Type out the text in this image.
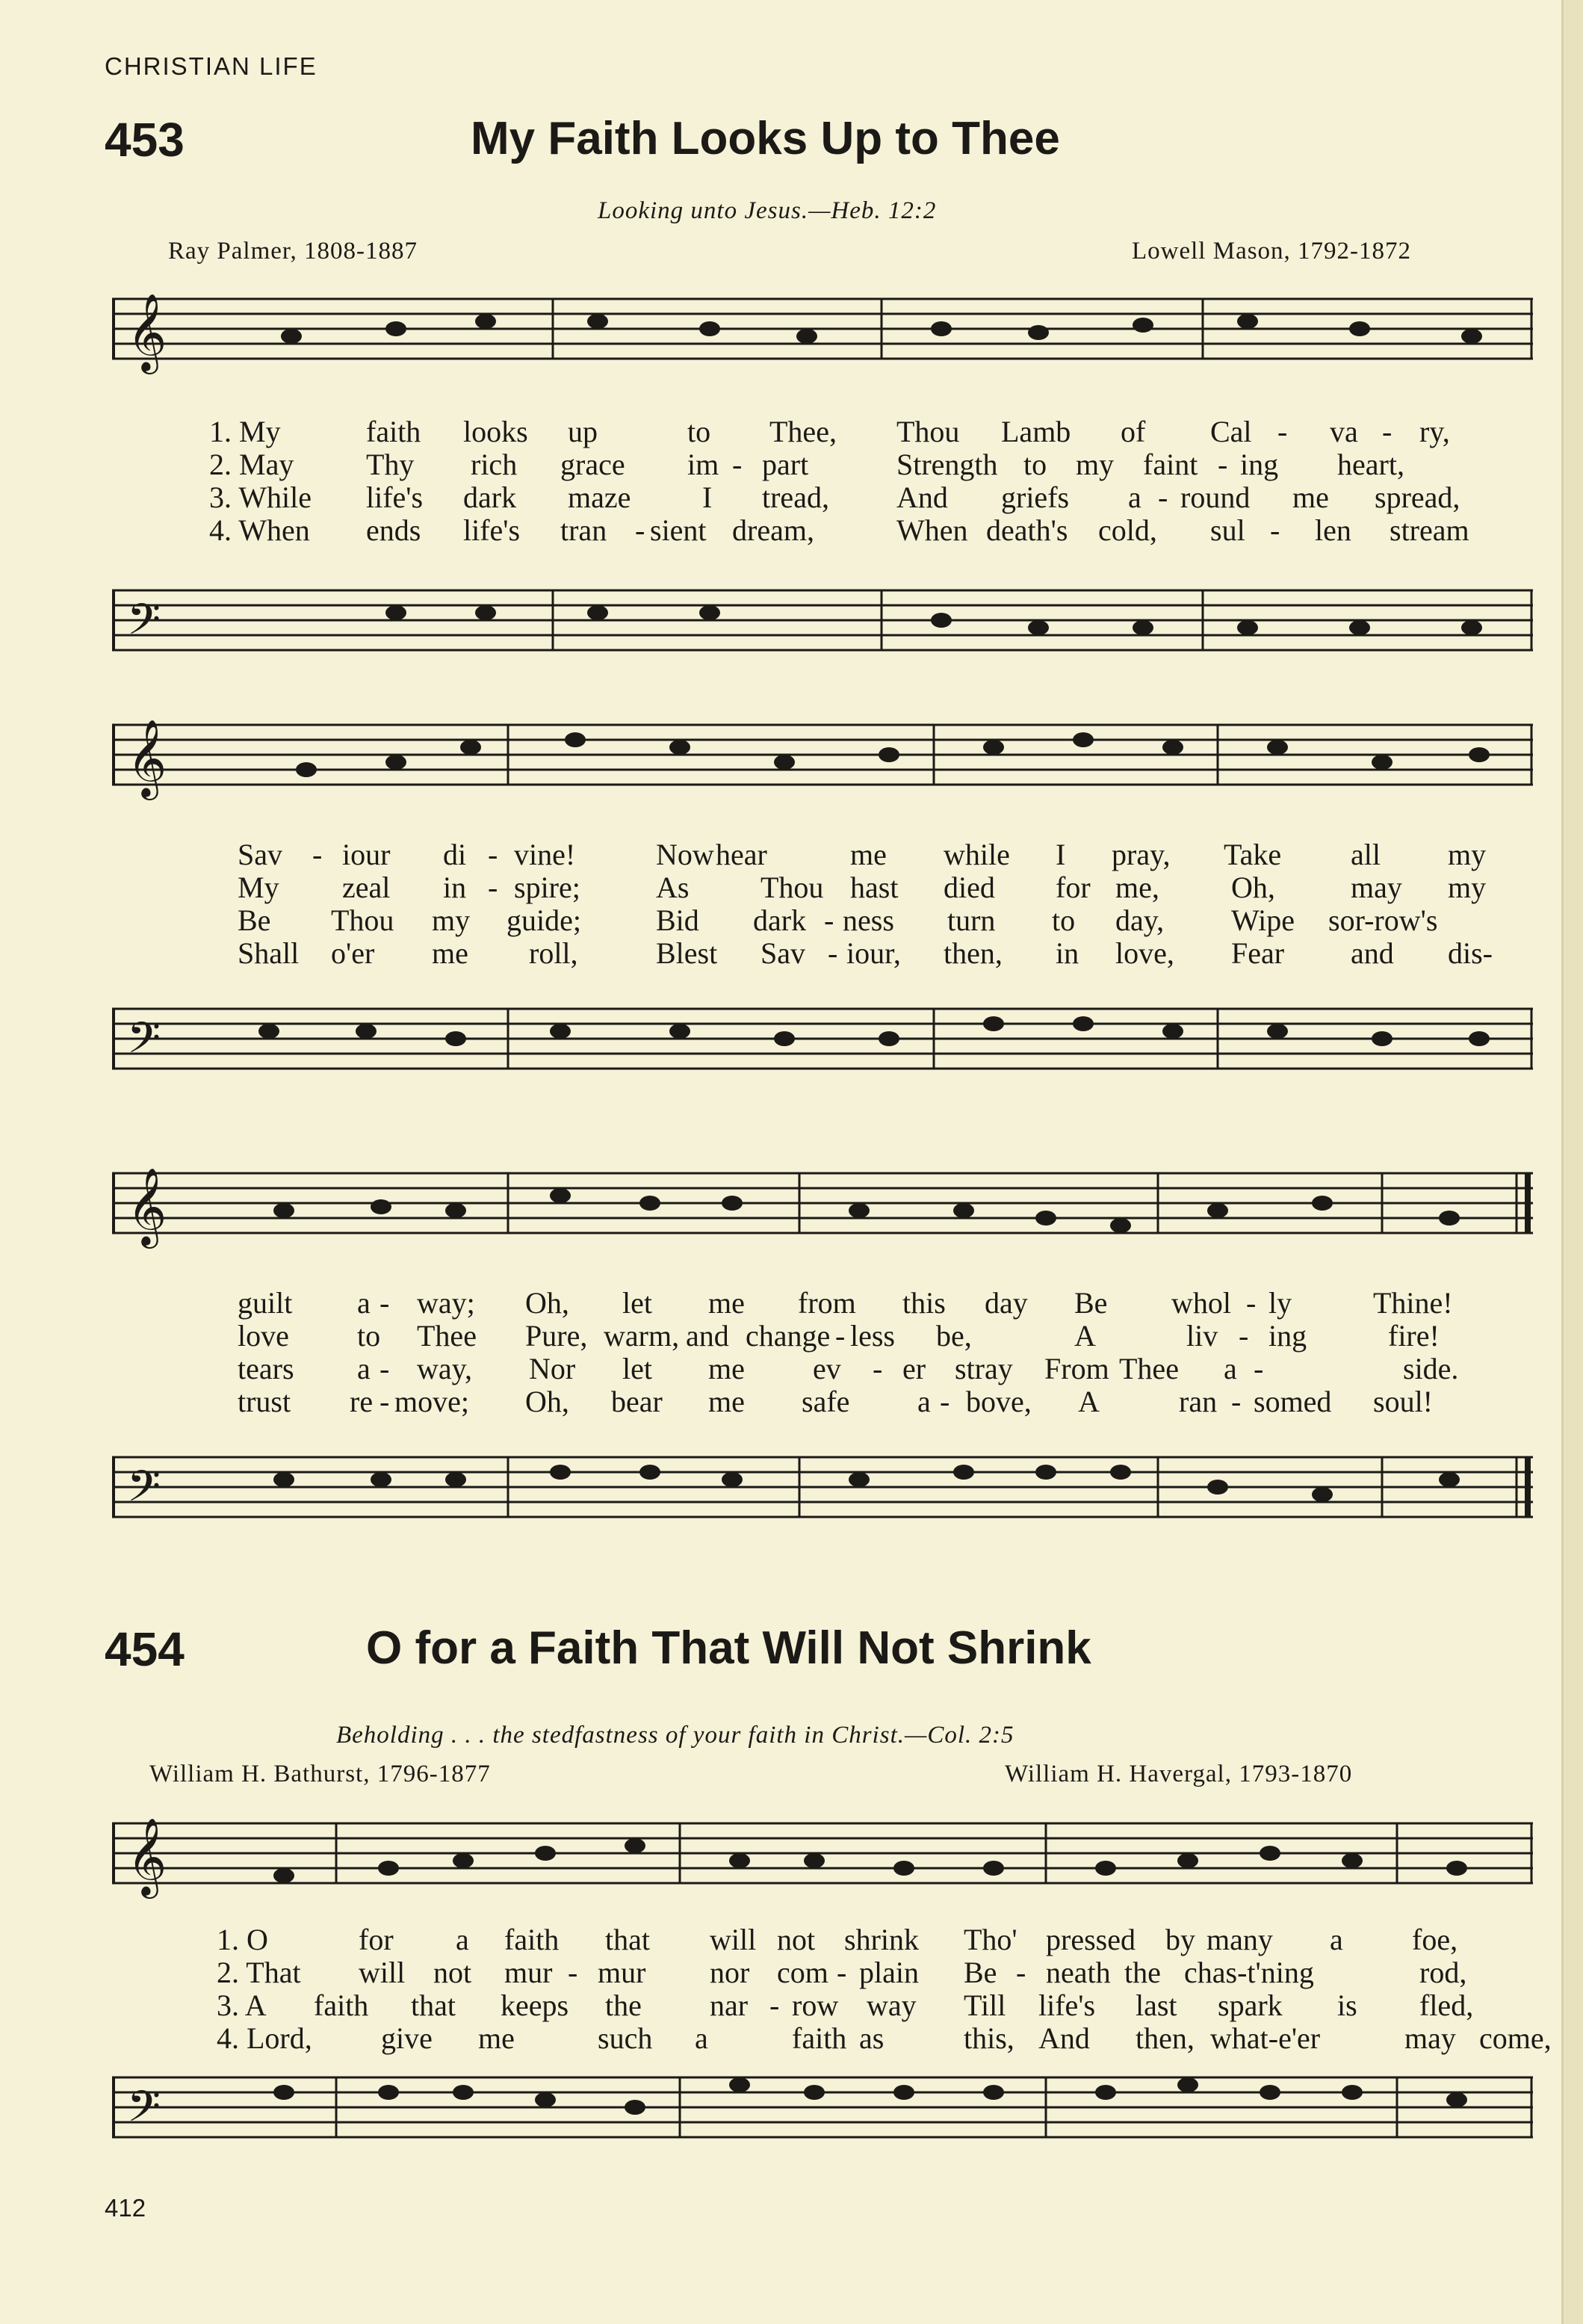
CHRISTIAN LIFE
453	My Faith Looks Up to Thee
Looking unto Jesus.—Heb. 12:2
Ray Palmer, 1808-1887	Lowell Mason, 1792-1872
𝄞
1. My	faith looks up	to Thee, Thou Lamb of Cal - va - ry,
2. May Thy rich grace im - part	Strength to my faint - ing heart,
3. While life's dark maze I tread, And griefs a - round me spread,
4. When ends life's tran - sient dream,	When death's cold, sul - len stream
𝄢
𝄞
Sav - iour di - vine!	Now hear	me while I pray, Take all my
My zeal in - spire;	As Thou hast died for me, Oh,	may my
Be Thou my guide;	Bid dark - ness turn to day, Wipe sor-row's
Shall o'er me roll,	Blest Sav - iour, then, in love, Fear and dis-
𝄢
𝄞
guilt a - way; Oh, let me from this day Be whol - ly	Thine!
love to Thee Pure, warm, and change - less be,	A	liv - ing	fire!
tears a - way, Nor let me ev - er stray From Thee a -	side.
trust re - move; Oh, bear me safe a - bove, A	ran - somed soul!
𝄢
454	O for a Faith That Will Not Shrink
Beholding . . . the stedfastness of your faith in Christ.—Col. 2:5
William H. Bathurst, 1796-1877	William H. Havergal, 1793-1870
𝄞
1. O	for a faith that will not shrink Tho' pressed by many a foe,
2. That will not mur - mur nor com - plain Be - neath the chas-t'ning	rod,
3. A faith that keeps the nar - row way Till life's last spark is fled,
4. Lord, give me	such a	faith as	this, And then, what-e'er	may come,
𝄢
412
